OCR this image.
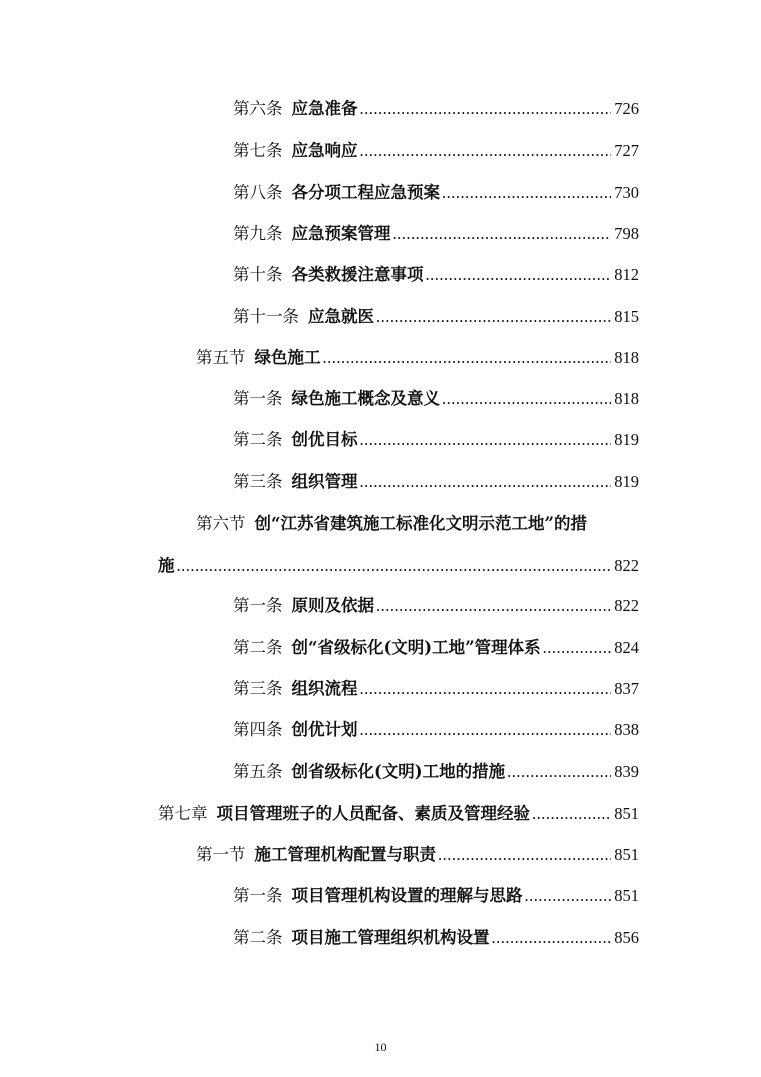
第六条 应急准备 .....	726
第七条 应急响应 .....	727
第八条 各分项工程应急预案 .....	730
第九条 应急预案管理 .....	798
第十条 各类救援注意事项 .....	812
第十一条 应急就医 .....	815
第五节 绿色施工 .....	818
第一条 绿色施工概念及意义 .....	818
第二条 创优目标 .....	819
第三条 组织管理 .....	819
第六节 创“江苏省建筑施工标准化文明示范工地”的措
施 .....	822
第一条 原则及依据 .....	822
第二条 创“省级标化(文明)工地”管理体系 .....	824
第三条 组织流程 .....	837
第四条 创优计划 .....	838
第五条 创省级标化(文明)工地的措施 .....	839
第七章 项目管理班子的人员配备、素质及管理经验 .....	851
第一节 施工管理机构配置与职责 .....	851
第一条 项目管理机构设置的理解与思路 .....	851
第二条 项目施工管理组织机构设置 .....	856
10
